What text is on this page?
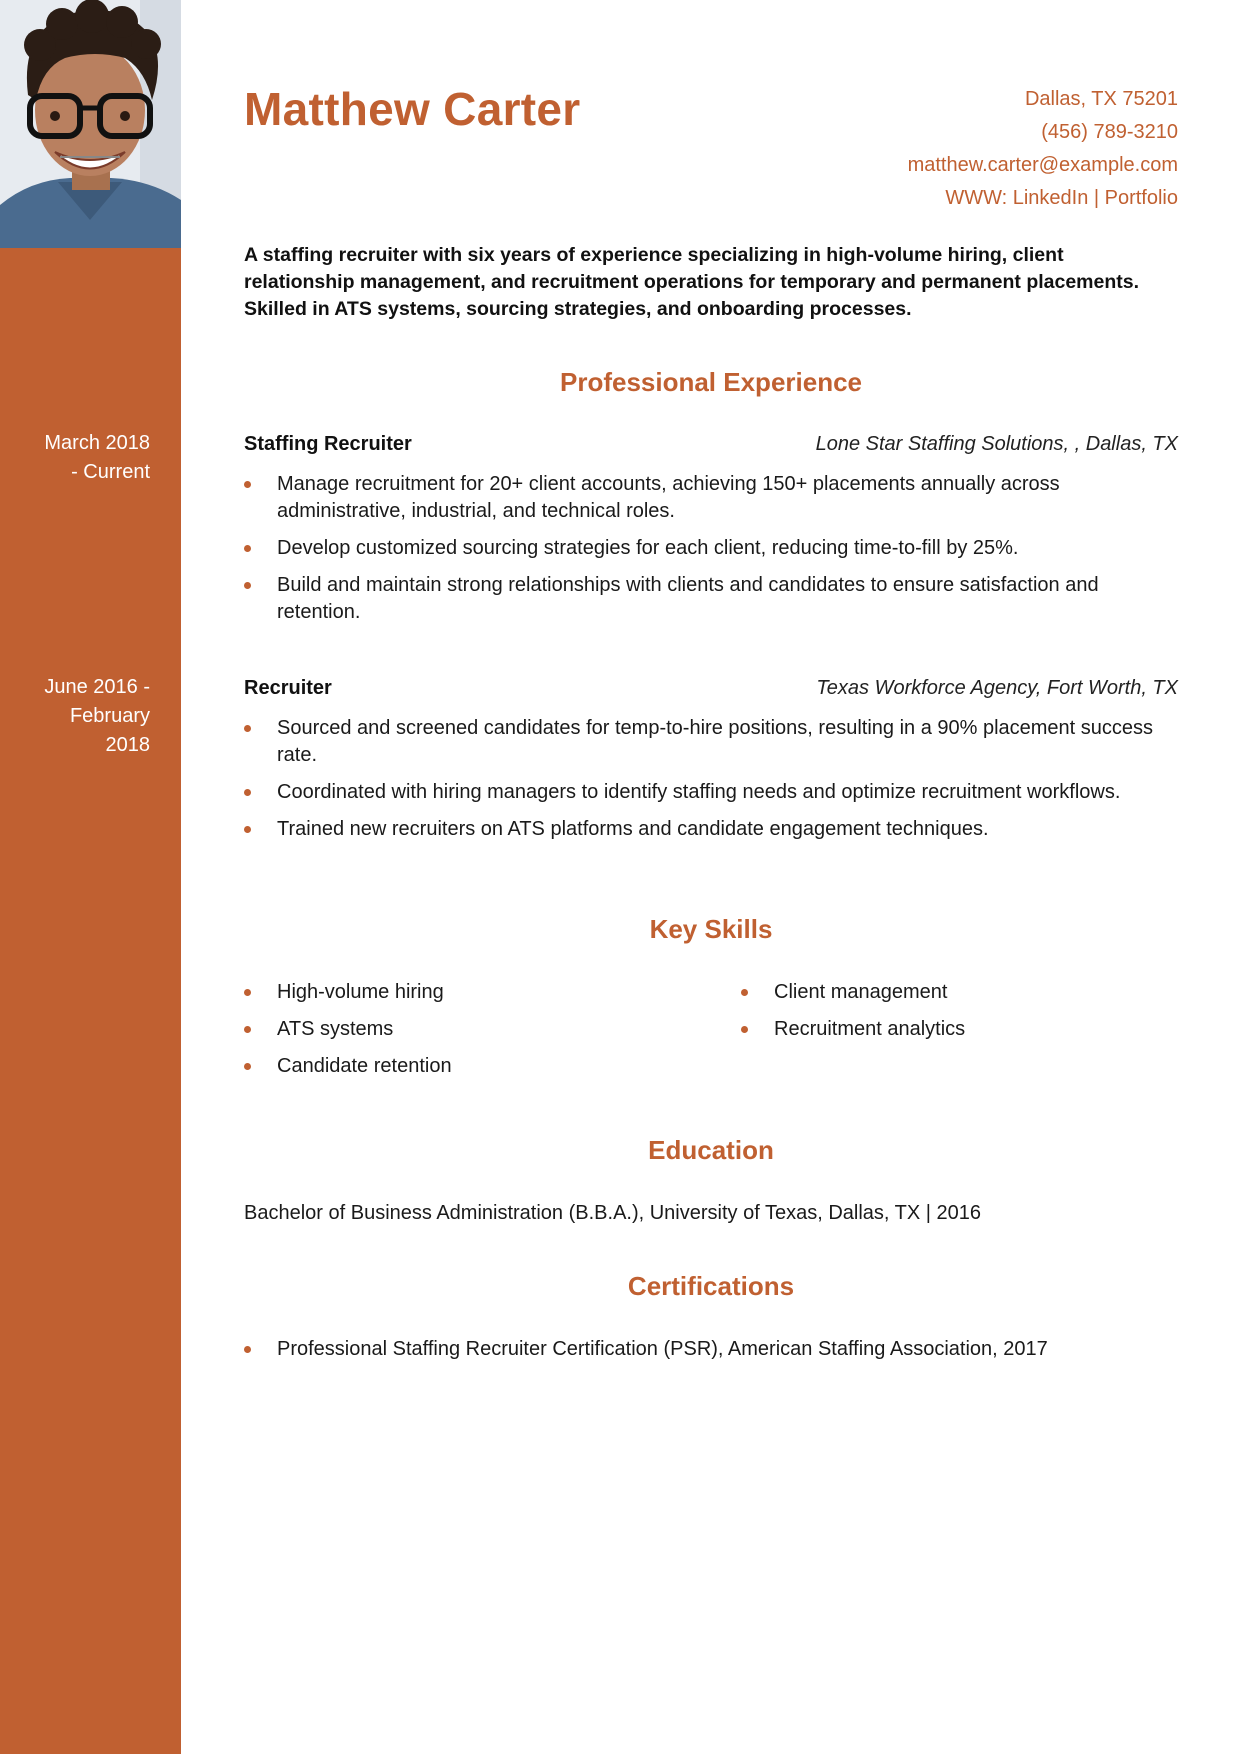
March 2018
- Current
June 2016 -
February
2018
Matthew Carter	Dallas, TX 75201
(456) 789-3210
matthew.carter@example.com
WWW: LinkedIn | Portfolio

A staffing recruiter with six years of experience specializing in high-volume hiring, client relationship management, and recruitment operations for temporary and permanent placements. Skilled in ATS systems, sourcing strategies, and onboarding processes.

Professional Experience
Staffing Recruiter	Lone Star Staffing Solutions, , Dallas, TX
Manage recruitment for 20+ client accounts, achieving 150+ placements annually across administrative, industrial, and technical roles.
Develop customized sourcing strategies for each client, reducing time-to-fill by 25%.
Build and maintain strong relationships with clients and candidates to ensure satisfaction and retention.
Recruiter	Texas Workforce Agency, Fort Worth, TX
Sourced and screened candidates for temp-to-hire positions, resulting in a 90% placement success rate.
Coordinated with hiring managers to identify staffing needs and optimize recruitment workflows.
Trained new recruiters on ATS platforms and candidate engagement techniques.
Key Skills
High-volume hiring
ATS systems
Candidate retention
Client management
Recruitment analytics
Education

Bachelor of Business Administration (B.B.A.), University of Texas, Dallas, TX | 2016

Certifications
Professional Staffing Recruiter Certification (PSR), American Staffing Association, 2017
